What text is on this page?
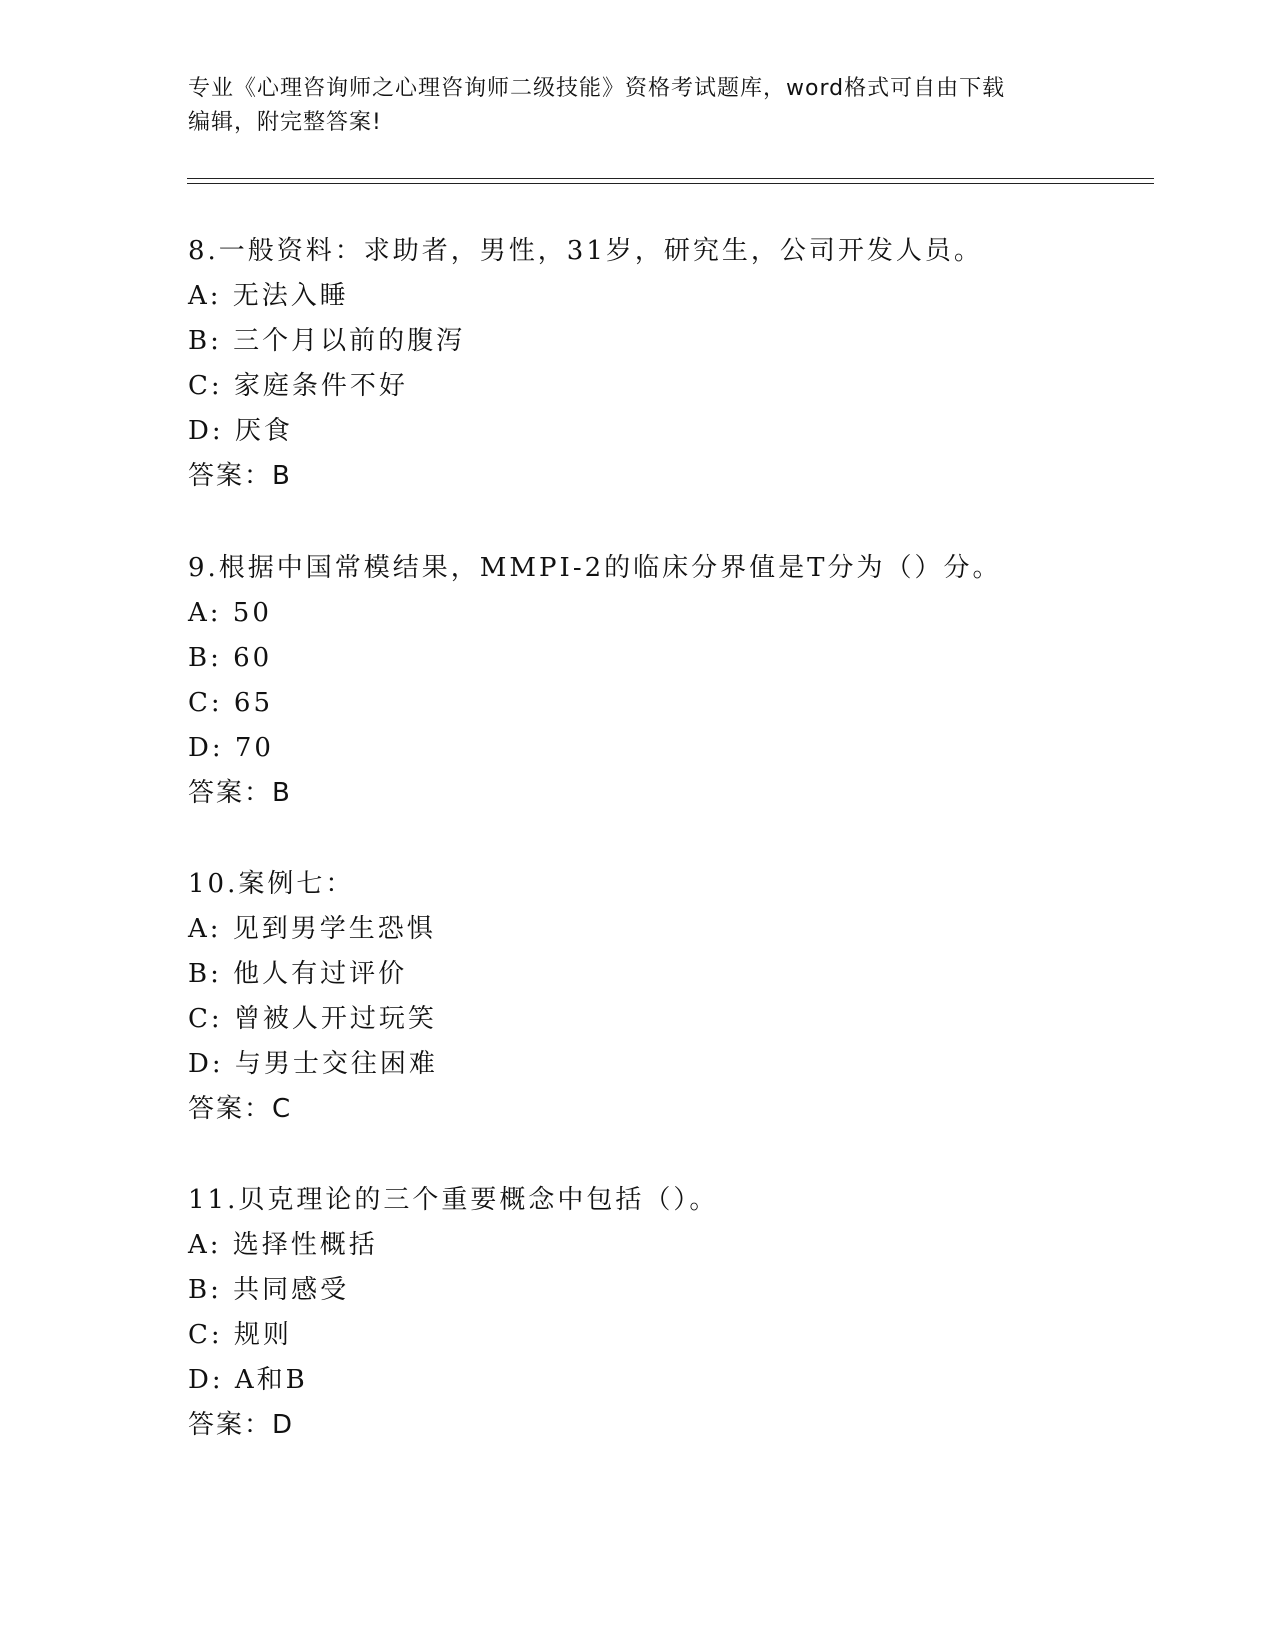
专业《心理咨询师之心理咨询师二级技能》资格考试题库，word格式可自由下载
编辑，附完整答案!
8.一般资料：求助者，男性，31岁，研究生，公司开发人员。
A: 无法入睡
B: 三个月以前的腹泻
C: 家庭条件不好
D: 厌食
答案：B
9.根据中国常模结果，MMPI-2的临床分界值是T分为（）分。
A: 50
B: 60
C: 65
D: 70
答案：B
10.案例七：
A: 见到男学生恐惧
B: 他人有过评价
C: 曾被人开过玩笑
D: 与男士交往困难
答案：C
11.贝克理论的三个重要概念中包括（）。
A: 选择性概括
B: 共同感受
C: 规则
D: A和B
答案：D
